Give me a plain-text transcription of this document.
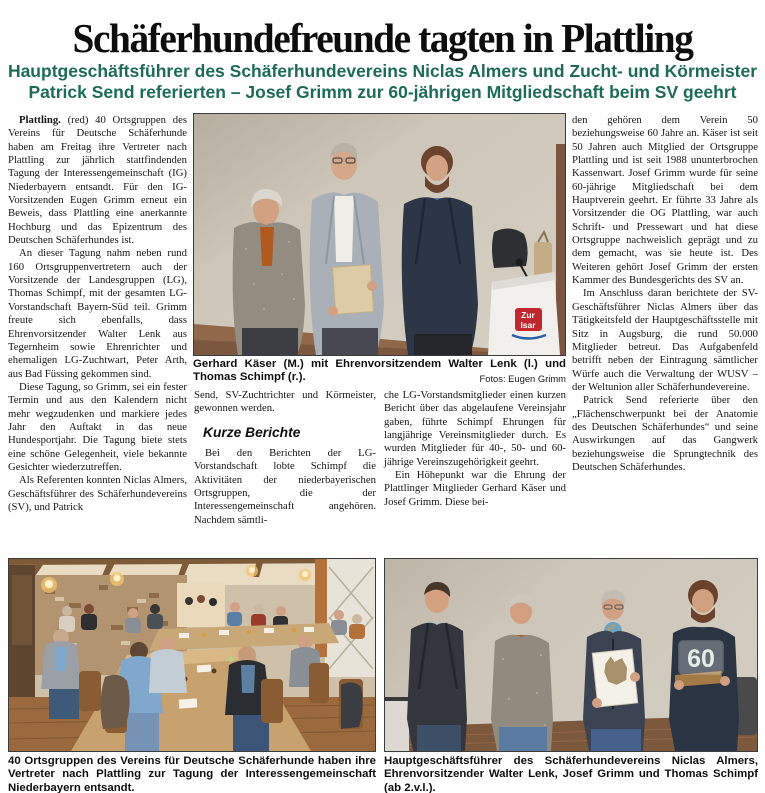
Schäferhundefreunde tagten in Plattling
Hauptgeschäftsführer des Schäferhundevereins Niclas Almers und Zucht- und Körmeister
Patrick Send referierten – Josef Grimm zur 60-jährigen Mitgliedschaft beim SV geehrt

Plattling. (red) 40 Ortsgruppen des Vereins für Deutsche Schäferhunde haben am Freitag ihre Vertreter nach Plattling zur jährlich stattfindenden Tagung der Interessengemeinschaft (IG) Niederbayern entsandt. Für den IG-Vorsitzenden Eugen Grimm erneut ein Beweis, dass Plattling eine anerkannte Hochburg und das Epizentrum des Deutschen Schäferhundes ist.

An dieser Tagung nahm neben rund 160 Ortsgruppenvertretern auch der Vorsitzende der Landesgruppen (LG), Thomas Schimpf, mit der gesamten LG-Vorstandschaft Bayern-Süd teil. Grimm freute sich ebenfalls, dass Ehrenvorsitzender Walter Lenk aus Tegernheim sowie Ehrenrichter und ehemaligen LG-Zuchtwart, Peter Arth, aus Bad Füssing gekommen sind.

Diese Tagung, so Grimm, sei ein fester Termin und aus den Kalendern nicht mehr wegzudenken und markiere jedes Jahr den Auftakt in das neue Hundesportjahr. Die Tagung biete stets eine schöne Gelegenheit, viele bekannte Gesichter wiederzutreffen.

Als Referenten konnten Niclas Almers, Geschäftsführer des Schäferhundevereins (SV), und Patrick

Zur
Isar
Gerhard Käser (M.) mit Ehrenvorsitzendem Walter Lenk (l.) und Thomas Schimpf (r.).	Fotos: Eugen Grimm

Send, SV-Zuchtrichter und Körmeister, gewonnen werden.

Kurze Berichte

Bei den Berichten der LG-Vorstandschaft lobte Schimpf die Aktivitäten der niederbayerischen Ortsgruppen, die der Interessengemeinschaft angehören. Nachdem sämtli-

che LG-Vorstandsmitglieder einen kurzen Bericht über das abgelaufene Vereinsjahr gaben, führte Schimpf Ehrungen für langjährige Vereinsmitglieder durch. Es wurden Mitglieder für 40-, 50- und 60-jährige Vereinszugehörigkeit geehrt.

Ein Höhepunkt war die Ehrung der Plattlinger Mitglieder Gerhard Käser und Josef Grimm. Diese bei-

den gehören dem Verein 50 beziehungsweise 60 Jahre an. Käser ist seit 50 Jahren auch Mitglied der Ortsgruppe Plattling und ist seit 1988 ununterbrochen Kassenwart. Josef Grimm wurde für seine 60-jährige Mitgliedschaft bei dem Hauptverein geehrt. Er führte 33 Jahre als Vorsitzender die OG Plattling, war auch Schrift- und Pressewart und hat diese Ortsgruppe nachweislich geprägt und zu dem gemacht, was sie heute ist. Des Weiteren gehört Josef Grimm der ersten Kammer des Bundesgerichts des SV an.

Im Anschluss daran berichtete der SV-Geschäftsführer Niclas Almers über das Tätigkeitsfeld der Hauptgeschäftsstelle mit Sitz in Augsburg, die rund 50.000 Mitglieder betreut. Das Aufgabenfeld betrifft neben der Eintragung sämtlicher Würfe auch die Verwaltung der WUSV – der Weltunion aller Schäferhundevereine.

Patrick Send referierte über den „Flächenschwerpunkt bei der Anatomie des Deutschen Schäferhundes“ und seine Auswirkungen auf das Gangwerk beziehungsweise die Sprungtechnik des Deutschen Schäferhundes.

60
40 Ortsgruppen des Vereins für Deutsche Schäferhunde haben ihre Vertreter nach Plattling zur Tagung der Interessengemeinschaft Niederbayern entsandt.
Hauptgeschäftsführer des Schäferhundevereins Niclas Almers, Ehrenvorsitzender Walter Lenk, Josef Grimm und Thomas Schimpf (ab 2.v.l.).
